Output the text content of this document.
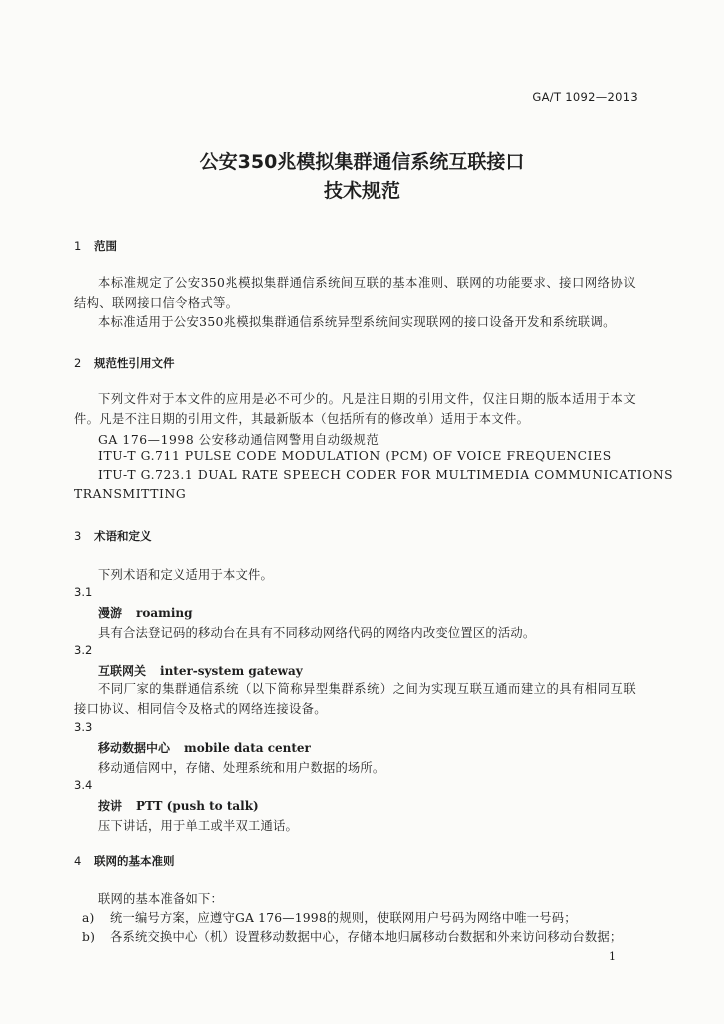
GA/T 1092—2013
公安350兆模拟集群通信系统互联接口
技术规范
1 范围
本标准规定了公安350兆模拟集群通信系统间互联的基本准则、联网的功能要求、接口网络协议结构、联网接口信令格式等。
本标准适用于公安350兆模拟集群通信系统异型系统间实现联网的接口设备开发和系统联调。
2 规范性引用文件
下列文件对于本文件的应用是必不可少的。凡是注日期的引用文件，仅注日期的版本适用于本文件。凡是不注日期的引用文件，其最新版本（包括所有的修改单）适用于本文件。
GA 176—1998 公安移动通信网警用自动级规范
ITU-T G.711 PULSE CODE MODULATION (PCM) OF VOICE FREQUENCIES
ITU-T G.723.1 DUAL RATE SPEECH CODER FOR MULTIMEDIA COMMUNICATIONS
TRANSMITTING
3 术语和定义
下列术语和定义适用于本文件。
3.1
漫游 roaming
具有合法登记码的移动台在具有不同移动网络代码的网络内改变位置区的活动。
3.2
互联网关 inter-system gateway
不同厂家的集群通信系统（以下简称异型集群系统）之间为实现互联互通而建立的具有相同互联接口协议、相同信令及格式的网络连接设备。
3.3
移动数据中心 mobile data center
移动通信网中，存储、处理系统和用户数据的场所。
3.4
按讲 PTT (push to talk)
压下讲话，用于单工或半双工通话。
4 联网的基本准则
联网的基本准备如下：
a) 统一编号方案，应遵守GA 176—1998的规则，使联网用户号码为网络中唯一号码；
b) 各系统交换中心（机）设置移动数据中心，存储本地归属移动台数据和外来访问移动台数据；
1
